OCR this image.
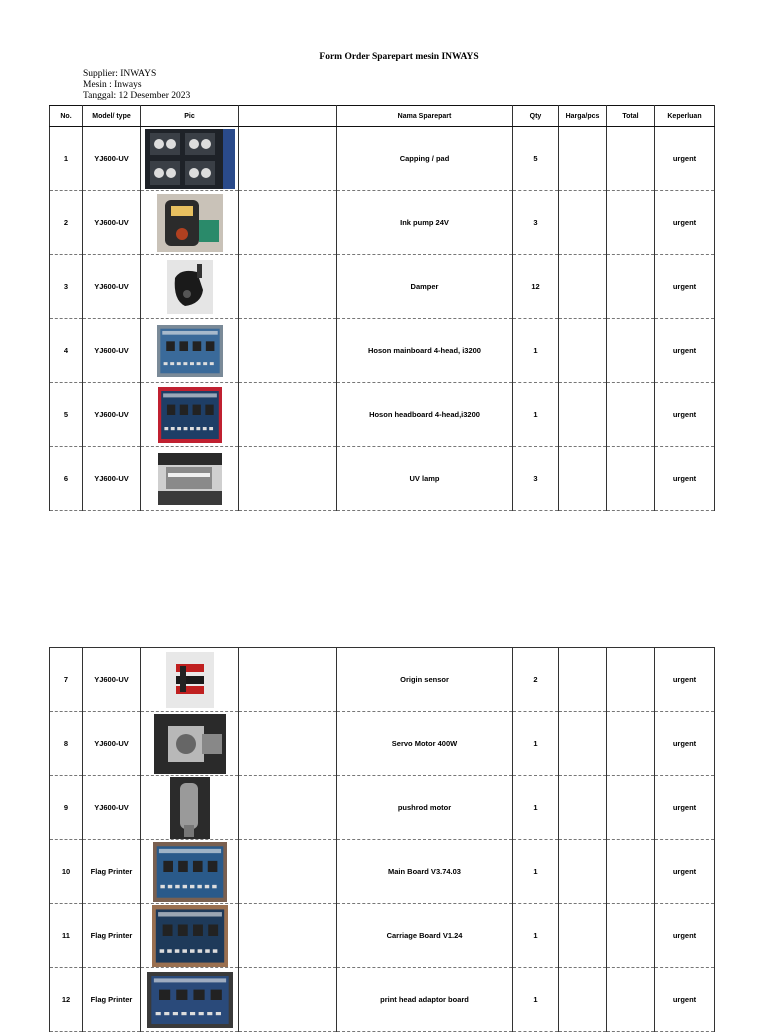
Form Order Sparepart mesin INWAYS
Supplier: INWAYS
Mesin : Inways
Tanggal: 12 Desember 2023
No.	Model/ type	Pic		Nama Sparepart	Qty	Harga/pcs	Total	Keperluan
1	YJ600-UV			Capping / pad	5			urgent
2	YJ600-UV			Ink pump 24V	3			urgent
3	YJ600-UV			Damper	12			urgent
4	YJ600-UV			Hoson mainboard 4-head, i3200	1			urgent
5	YJ600-UV			Hoson headboard 4-head,i3200	1			urgent
6	YJ600-UV			UV lamp	3			urgent
7	YJ600-UV			Origin sensor	2			urgent
8	YJ600-UV			Servo Motor 400W	1			urgent
9	YJ600-UV			pushrod motor	1			urgent
10	Flag Printer			Main Board V3.74.03	1			urgent
11	Flag Printer			Carriage Board V1.24	1			urgent
12	Flag Printer			print head adaptor board	1			urgent
